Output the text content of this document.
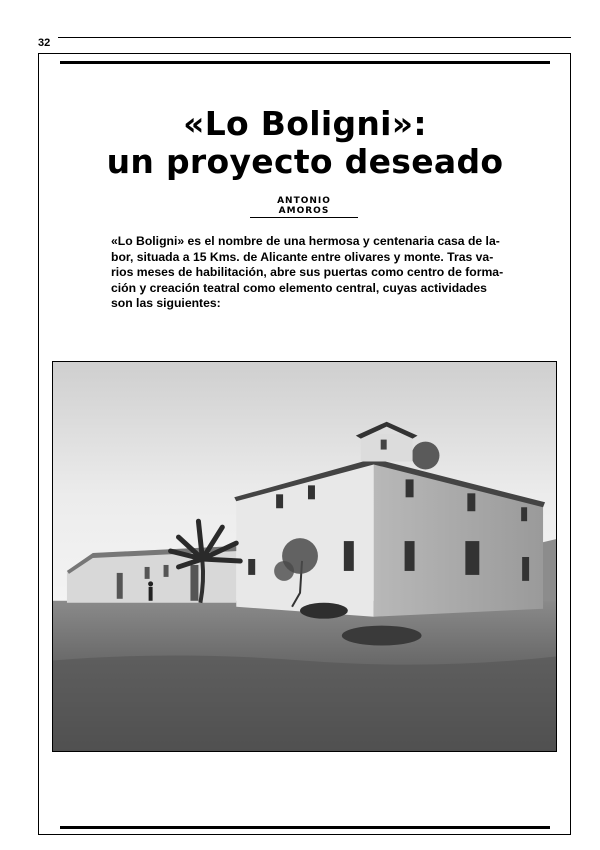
32
«Lo Boligni»:
un proyecto deseado
ANTONIO AMOROS

«Lo Boligni» es el nombre de una hermosa y centenaria casa de la-
bor, situada a 15 Kms. de Alicante entre olivares y monte. Tras va-
rios meses de habilitación, abre sus puertas como centro de forma-
ción y creación teatral como elemento central, cuyas actividades
son las siguientes:
